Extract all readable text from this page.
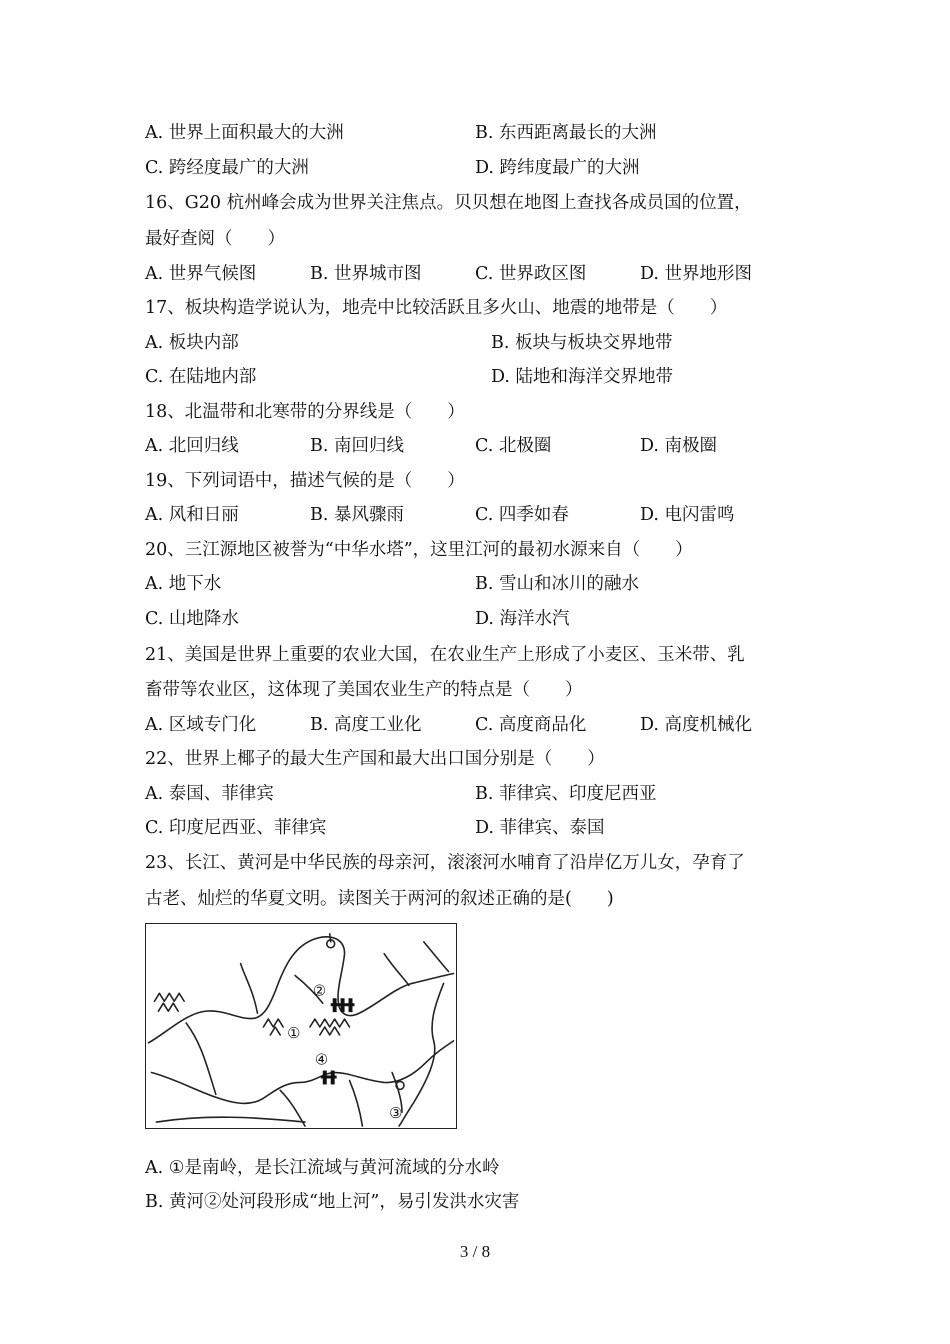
A. 世界上面积最大的大洲	B. 东西距离最长的大洲
C. 跨经度最广的大洲	D. 跨纬度最广的大洲
16、G20 杭州峰会成为世界关注焦点。贝贝想在地图上查找各成员国的位置，
最好查阅（　　）
A. 世界气候图	B. 世界城市图	C. 世界政区图	D. 世界地形图
17、板块构造学说认为，地壳中比较活跃且多火山、地震的地带是（　　）
A. 板块内部	B. 板块与板块交界地带
C. 在陆地内部	D. 陆地和海洋交界地带
18、北温带和北寒带的分界线是（　　）
A. 北回归线	B. 南回归线	C. 北极圈	D. 南极圈
19、下列词语中，描述气候的是（　　）
A. 风和日丽	B. 暴风骤雨	C. 四季如春	D. 电闪雷鸣
20、三江源地区被誉为“中华水塔”，这里江河的最初水源来自（　　）
A. 地下水	B. 雪山和冰川的融水
C. 山地降水	D. 海洋水汽
21、美国是世界上重要的农业大国，在农业生产上形成了小麦区、玉米带、乳
畜带等农业区，这体现了美国农业生产的特点是（　　）
A. 区域专门化	B. 高度工业化	C. 高度商品化	D. 高度机械化
22、世界上椰子的最大生产国和最大出口国分别是（　　）
A. 泰国、菲律宾	B. 菲律宾、印度尼西亚
C. 印度尼西亚、菲律宾	D. 菲律宾、泰国
23、长江、黄河是中华民族的母亲河，滚滚河水哺育了沿岸亿万儿女，孕育了
古老、灿烂的华夏文明。读图关于两河的叙述正确的是(　　)
②
①
④
③
A. ①是南岭，是长江流域与黄河流域的分水岭
B. 黄河②处河段形成“地上河”，易引发洪水灾害
3 / 8
